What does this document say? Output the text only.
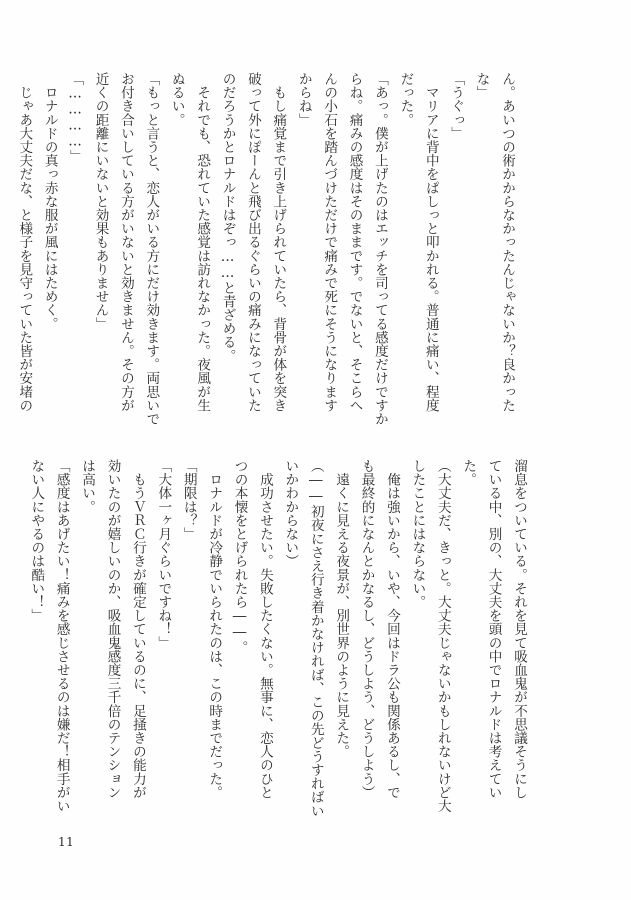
ん。あいつの術かからなかったんじゃないか？良かった
な」
「うぐっ」
　マリアに背中をぱしっと叩かれる。普通に痛い、程度
だった。
「あっ。僕が上げたのはエッチを司ってる感度だけですか
らね。痛みの感度はそのままです。でないと、そこらへ
んの小石を踏んづけただけで痛みで死にそうになります
からね」
　もし痛覚まで引き上げられていたら、背骨が体を突き
破って外にぽーんと飛び出るぐらいの痛みになっていた
のだろうかとロナルドはぞっ……と青ざめる。
　それでも、恐れていた感覚は訪れなかった。夜風が生
ぬるい。
「もっと言うと、恋人がいる方にだけ効きます。両思いで
お付き合いしている方がいないと効きません。その方が
近くの距離にいないと効果もありません」
「…………」
　ロナルドの真っ赤な服が風にはためく。
　じゃあ大丈夫だな、と様子を見守っていた皆が安堵の
溜息をついている。それを見て吸血鬼が不思議そうにし
ている中、別の、大丈夫を頭の中でロナルドは考えてい
た。
（大丈夫だ、きっと。大丈夫じゃないかもしれないけど大
したことにはならない。
　俺は強いから、いや、今回はドラ公も関係あるし、で
も最終的になんとかなるし、どうしよう、どうしよう）
　遠くに見える夜景が、別世界のように見えた。
（――初夜にさえ行き着かなければ、この先どうすればい
いかわからない）
　成功させたい。失敗したくない。無事に、恋人のひと
つの本懐をとげられたら――。
　ロナルドが冷静でいられたのは、この時までだった。
「期限は？」
「大体一ヶ月ぐらいですね！」
　もうＶＲＣ行きが確定しているのに、足掻きの能力が
効いたのが嬉しいのか、吸血鬼感度三千倍のテンション
は高い。
「感度はあげたい！痛みを感じさせるのは嫌だ！相手がい
ない人にやるのは酷い！」
11
